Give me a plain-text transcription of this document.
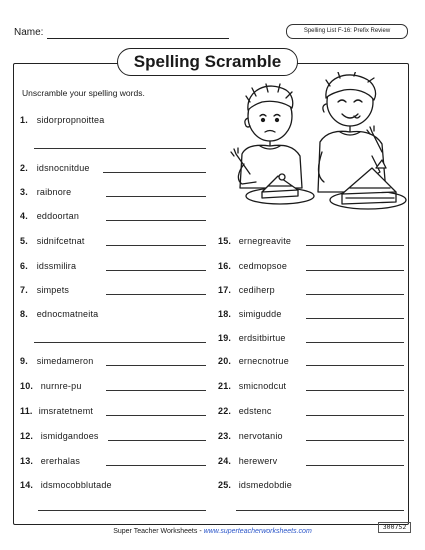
Name:	Spelling List F-16: Prefix Review
Spelling Scramble
Unscramble your spelling words.
1. sidorpropnoittea
2. idsnocnitdue
3. raibnore
4. eddoortan
5. sidnifcetnat
6. idssmilira
7. simpets
8. ednocmatneita
9. simedameron
10. nurnre-pu
11. imsratetnemt
12. ismidgandoes
13. ererhalas
14. idsmocobblutade
15. ernegreavite
16. cedmopsoe
17. cediherp
18. simigudde
19. erdsitbirtue
20. ernecnotrue
21. smicnodcut
22. edstenc
23. nervotanio
24. herewerv
25. idsmedobdie
Super Teacher Worksheets - www.superteacherworksheets.com
300752
